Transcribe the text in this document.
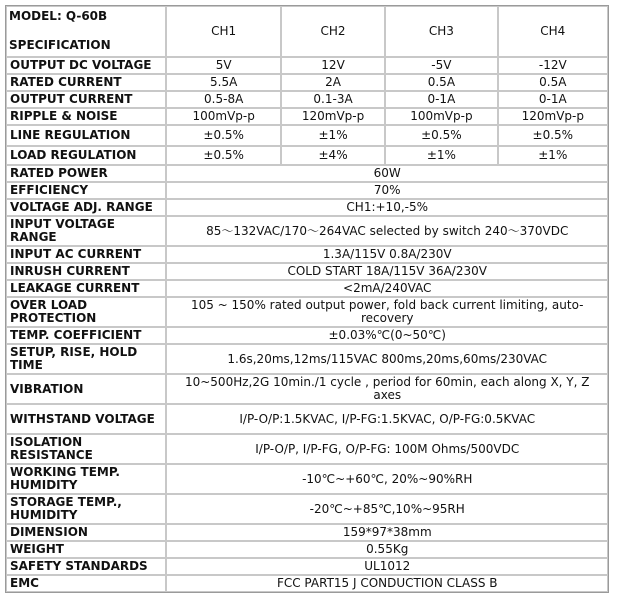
MODEL: Q-60B
SPECIFICATION	CH1	CH2	CH3	CH4
OUTPUT DC VOLTAGE	5V	12V	-5V	-12V
RATED CURRENT	5.5A	2A	0.5A	0.5A
OUTPUT CURRENT	0.5-8A	0.1-3A	0-1A	0-1A
RIPPLE & NOISE	100mVp-p	120mVp-p	100mVp-p	120mVp-p
LINE REGULATION	±0.5%	±1%	±0.5%	±0.5%
LOAD REGULATION	±0.5%	±4%	±1%	±1%
RATED POWER	60W			
EFFICIENCY	70%			
VOLTAGE ADJ. RANGE	CH1:+10,-5%			
INPUT VOLTAGE RANGE	85～132VAC/170～264VAC selected by switch 240～370VDC			
INPUT AC CURRENT	1.3A/115V 0.8A/230V			
INRUSH CURRENT	COLD START 18A/115V 36A/230V			
LEAKAGE CURRENT	<2mA/240VAC			
OVER LOAD PROTECTION	105 ~ 150% rated output power, fold back current limiting, auto-recovery			
TEMP. COEFFICIENT	±0.03%℃(0~50℃)			
SETUP, RISE, HOLD TIME	1.6s,20ms,12ms/115VAC 800ms,20ms,60ms/230VAC			
VIBRATION	10~500Hz,2G 10min./1 cycle , period for 60min, each along X, Y, Z axes			
WITHSTAND VOLTAGE	I/P-O/P:1.5KVAC, I/P-FG:1.5KVAC, O/P-FG:0.5KVAC			
ISOLATION RESISTANCE	I/P-O/P, I/P-FG, O/P-FG: 100M Ohms/500VDC			
WORKING TEMP. HUMIDITY	-10℃~+60℃, 20%~90%RH			
STORAGE TEMP., HUMIDITY	-20℃~+85℃,10%~95RH			
DIMENSION	159*97*38mm			
WEIGHT	0.55Kg			
SAFETY STANDARDS	UL1012			
EMC	FCC PART15 J CONDUCTION CLASS B			
